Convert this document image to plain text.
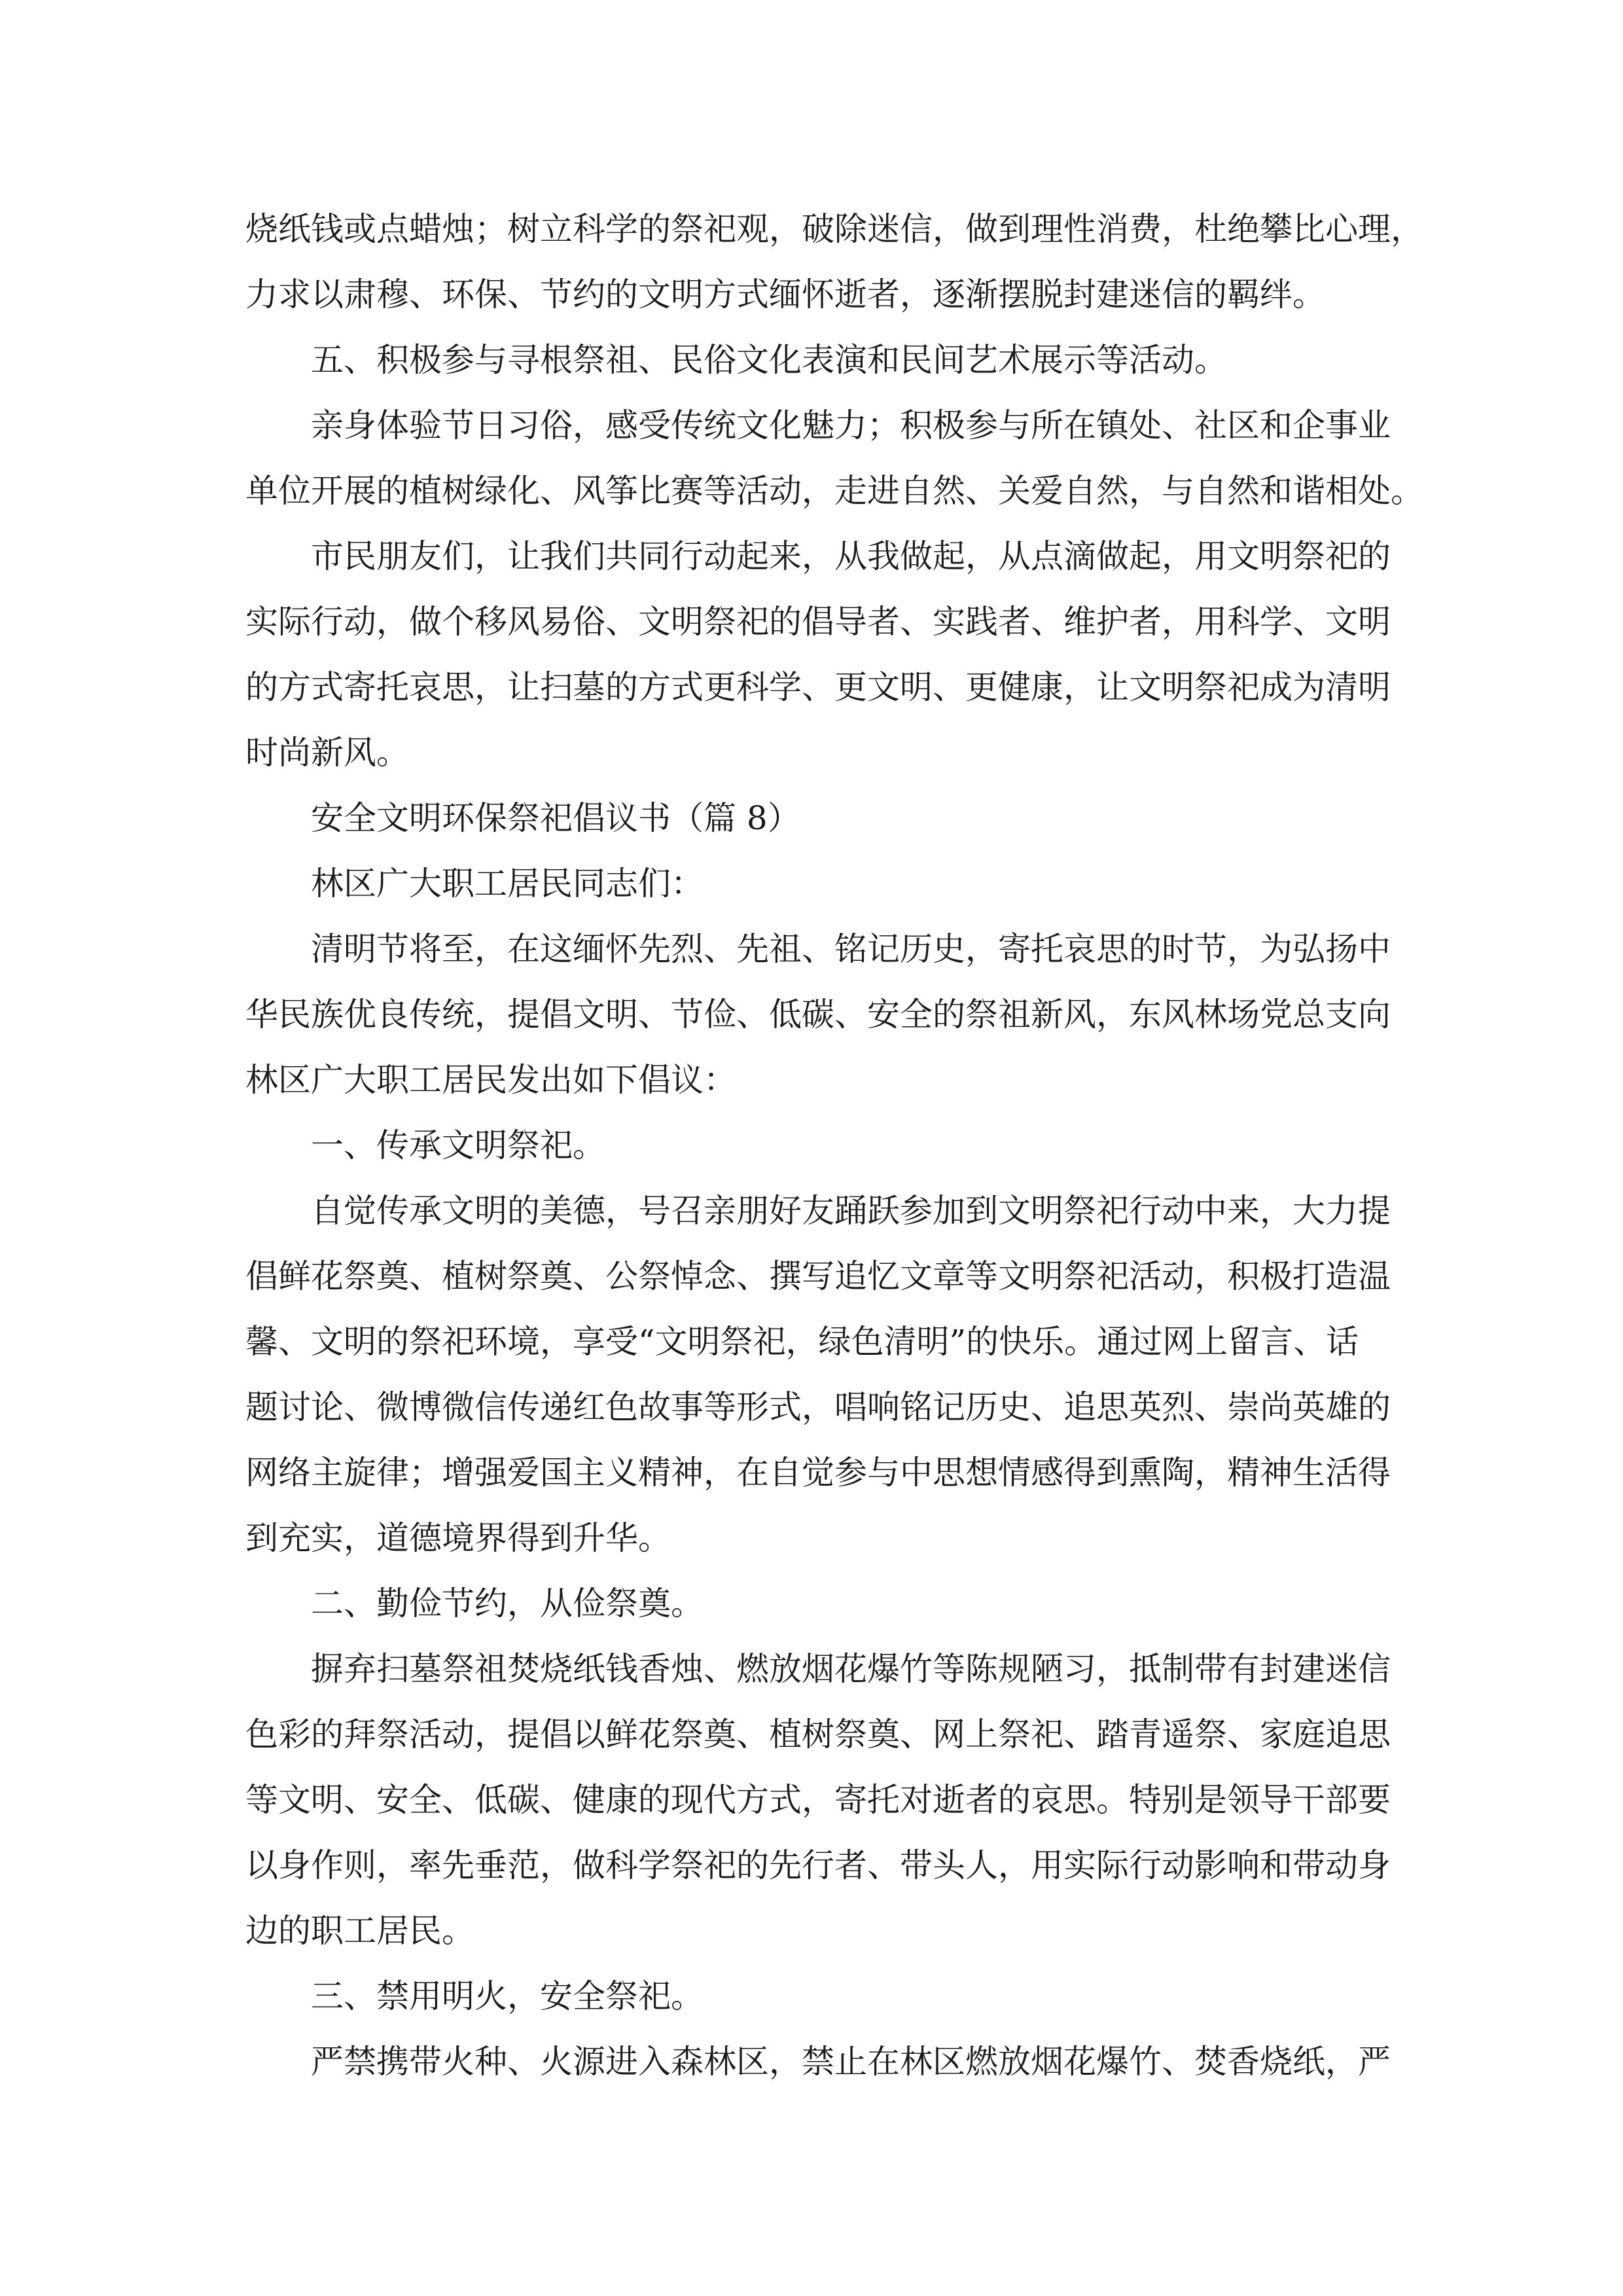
烧纸钱或点蜡烛；树立科学的祭祀观，破除迷信，做到理性消费，杜绝攀比心理，
力求以肃穆、环保、节约的文明方式缅怀逝者，逐渐摆脱封建迷信的羁绊。
五、积极参与寻根祭祖、民俗文化表演和民间艺术展示等活动。
亲身体验节日习俗，感受传统文化魅力；积极参与所在镇处、社区和企事业
单位开展的植树绿化、风筝比赛等活动，走进自然、关爱自然，与自然和谐相处。
市民朋友们，让我们共同行动起来，从我做起，从点滴做起，用文明祭祀的
实际行动，做个移风易俗、文明祭祀的倡导者、实践者、维护者，用科学、文明
的方式寄托哀思，让扫墓的方式更科学、更文明、更健康，让文明祭祀成为清明
时尚新风。
安全文明环保祭祀倡议书（篇 8）
林区广大职工居民同志们：
清明节将至，在这缅怀先烈、先祖、铭记历史，寄托哀思的时节，为弘扬中
华民族优良传统，提倡文明、节俭、低碳、安全的祭祖新风，东风林场党总支向
林区广大职工居民发出如下倡议：
一、传承文明祭祀。
自觉传承文明的美德，号召亲朋好友踊跃参加到文明祭祀行动中来，大力提
倡鲜花祭奠、植树祭奠、公祭悼念、撰写追忆文章等文明祭祀活动，积极打造温
馨、文明的祭祀环境，享受“文明祭祀，绿色清明”的快乐。通过网上留言、话
题讨论、微博微信传递红色故事等形式，唱响铭记历史、追思英烈、崇尚英雄的
网络主旋律；增强爱国主义精神，在自觉参与中思想情感得到熏陶，精神生活得
到充实，道德境界得到升华。
二、勤俭节约，从俭祭奠。
摒弃扫墓祭祖焚烧纸钱香烛、燃放烟花爆竹等陈规陋习，抵制带有封建迷信
色彩的拜祭活动，提倡以鲜花祭奠、植树祭奠、网上祭祀、踏青遥祭、家庭追思
等文明、安全、低碳、健康的现代方式，寄托对逝者的哀思。特别是领导干部要
以身作则，率先垂范，做科学祭祀的先行者、带头人，用实际行动影响和带动身
边的职工居民。
三、禁用明火，安全祭祀。
严禁携带火种、火源进入森林区，禁止在林区燃放烟花爆竹、焚香烧纸，严
